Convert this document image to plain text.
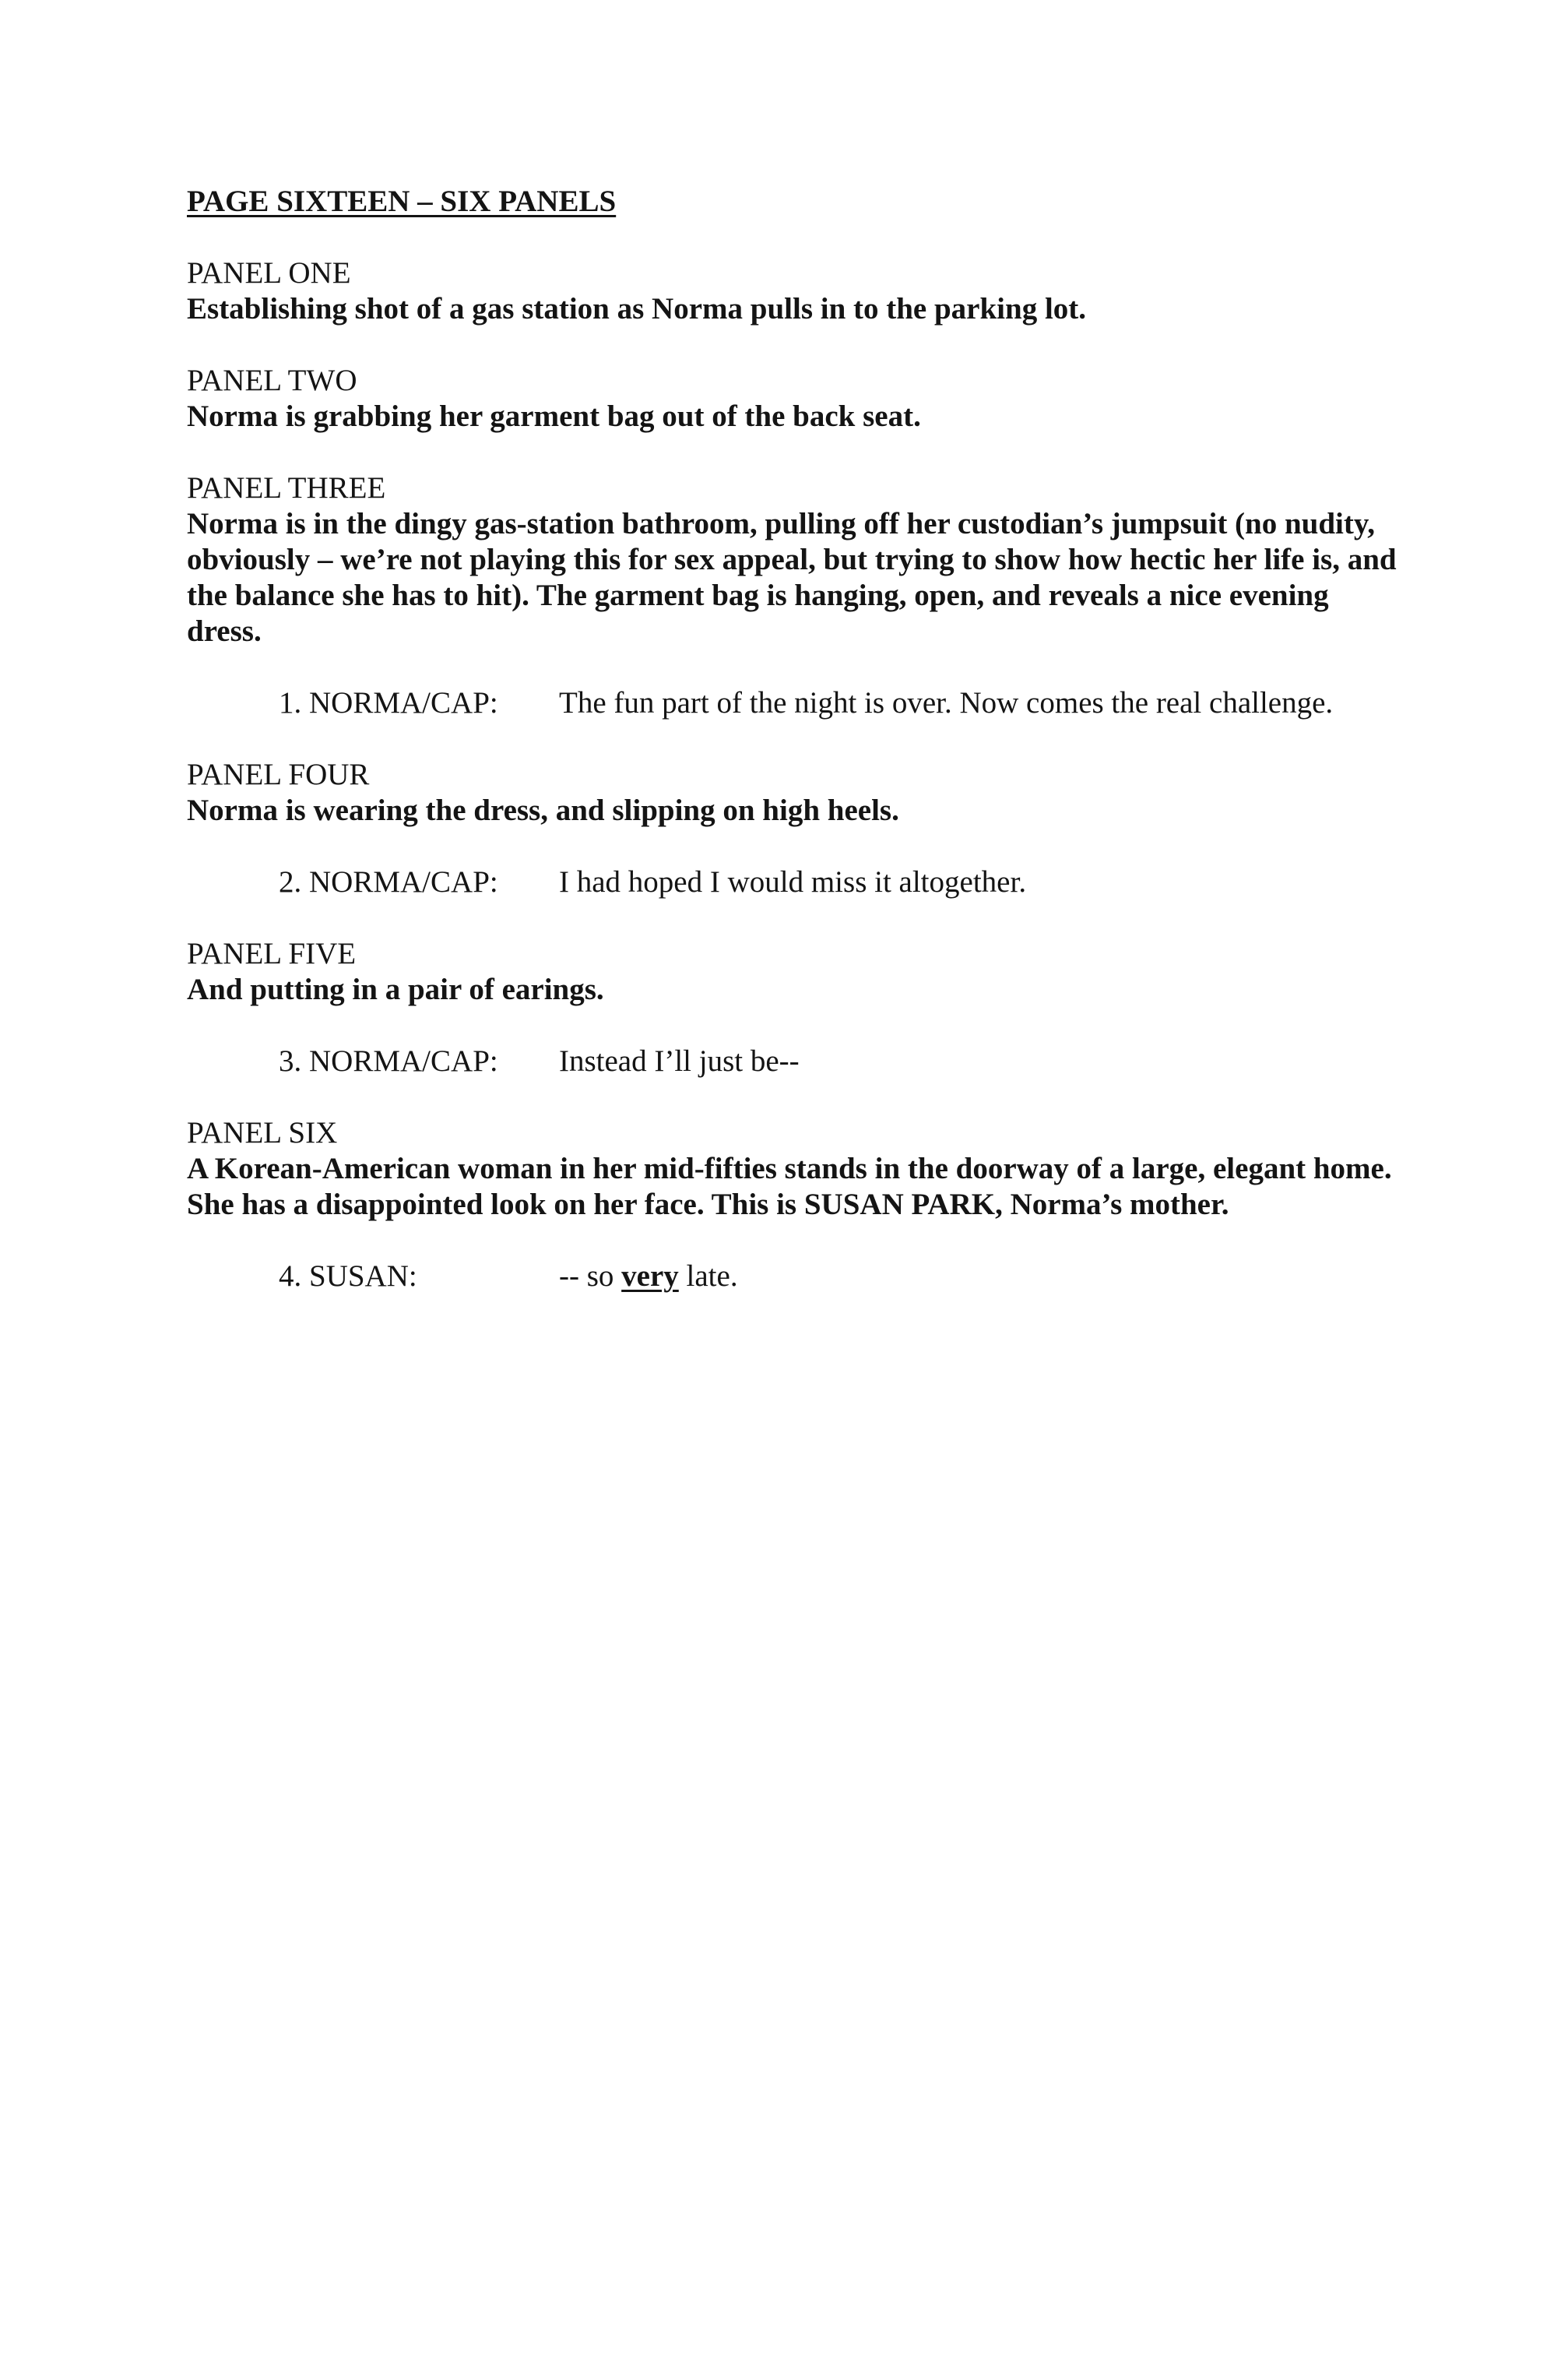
PAGE SIXTEEN – SIX PANELS

PANEL ONE

Establishing shot of a gas station as Norma pulls in to the parking lot.

PANEL TWO

Norma is grabbing her garment bag out of the back seat.

PANEL THREE

Norma is in the dingy gas-station bathroom, pulling off her custodian’s jumpsuit (no nudity, obviously – we’re not playing this for sex appeal, but trying to show how hectic her life is, and the balance she has to hit). The garment bag is hanging, open, and reveals a nice evening dress.

1. NORMA/CAP:	The fun part of the night is over. Now comes the real challenge.

PANEL FOUR

Norma is wearing the dress, and slipping on high heels.

2. NORMA/CAP:	I had hoped I would miss it altogether.

PANEL FIVE

And putting in a pair of earings.

3. NORMA/CAP:	Instead I’ll just be--

PANEL SIX

A Korean-American woman in her mid-fifties stands in the doorway of a large, elegant home. She has a disappointed look on her face. This is SUSAN PARK, Norma’s mother.

4. SUSAN:	-- so very late.
